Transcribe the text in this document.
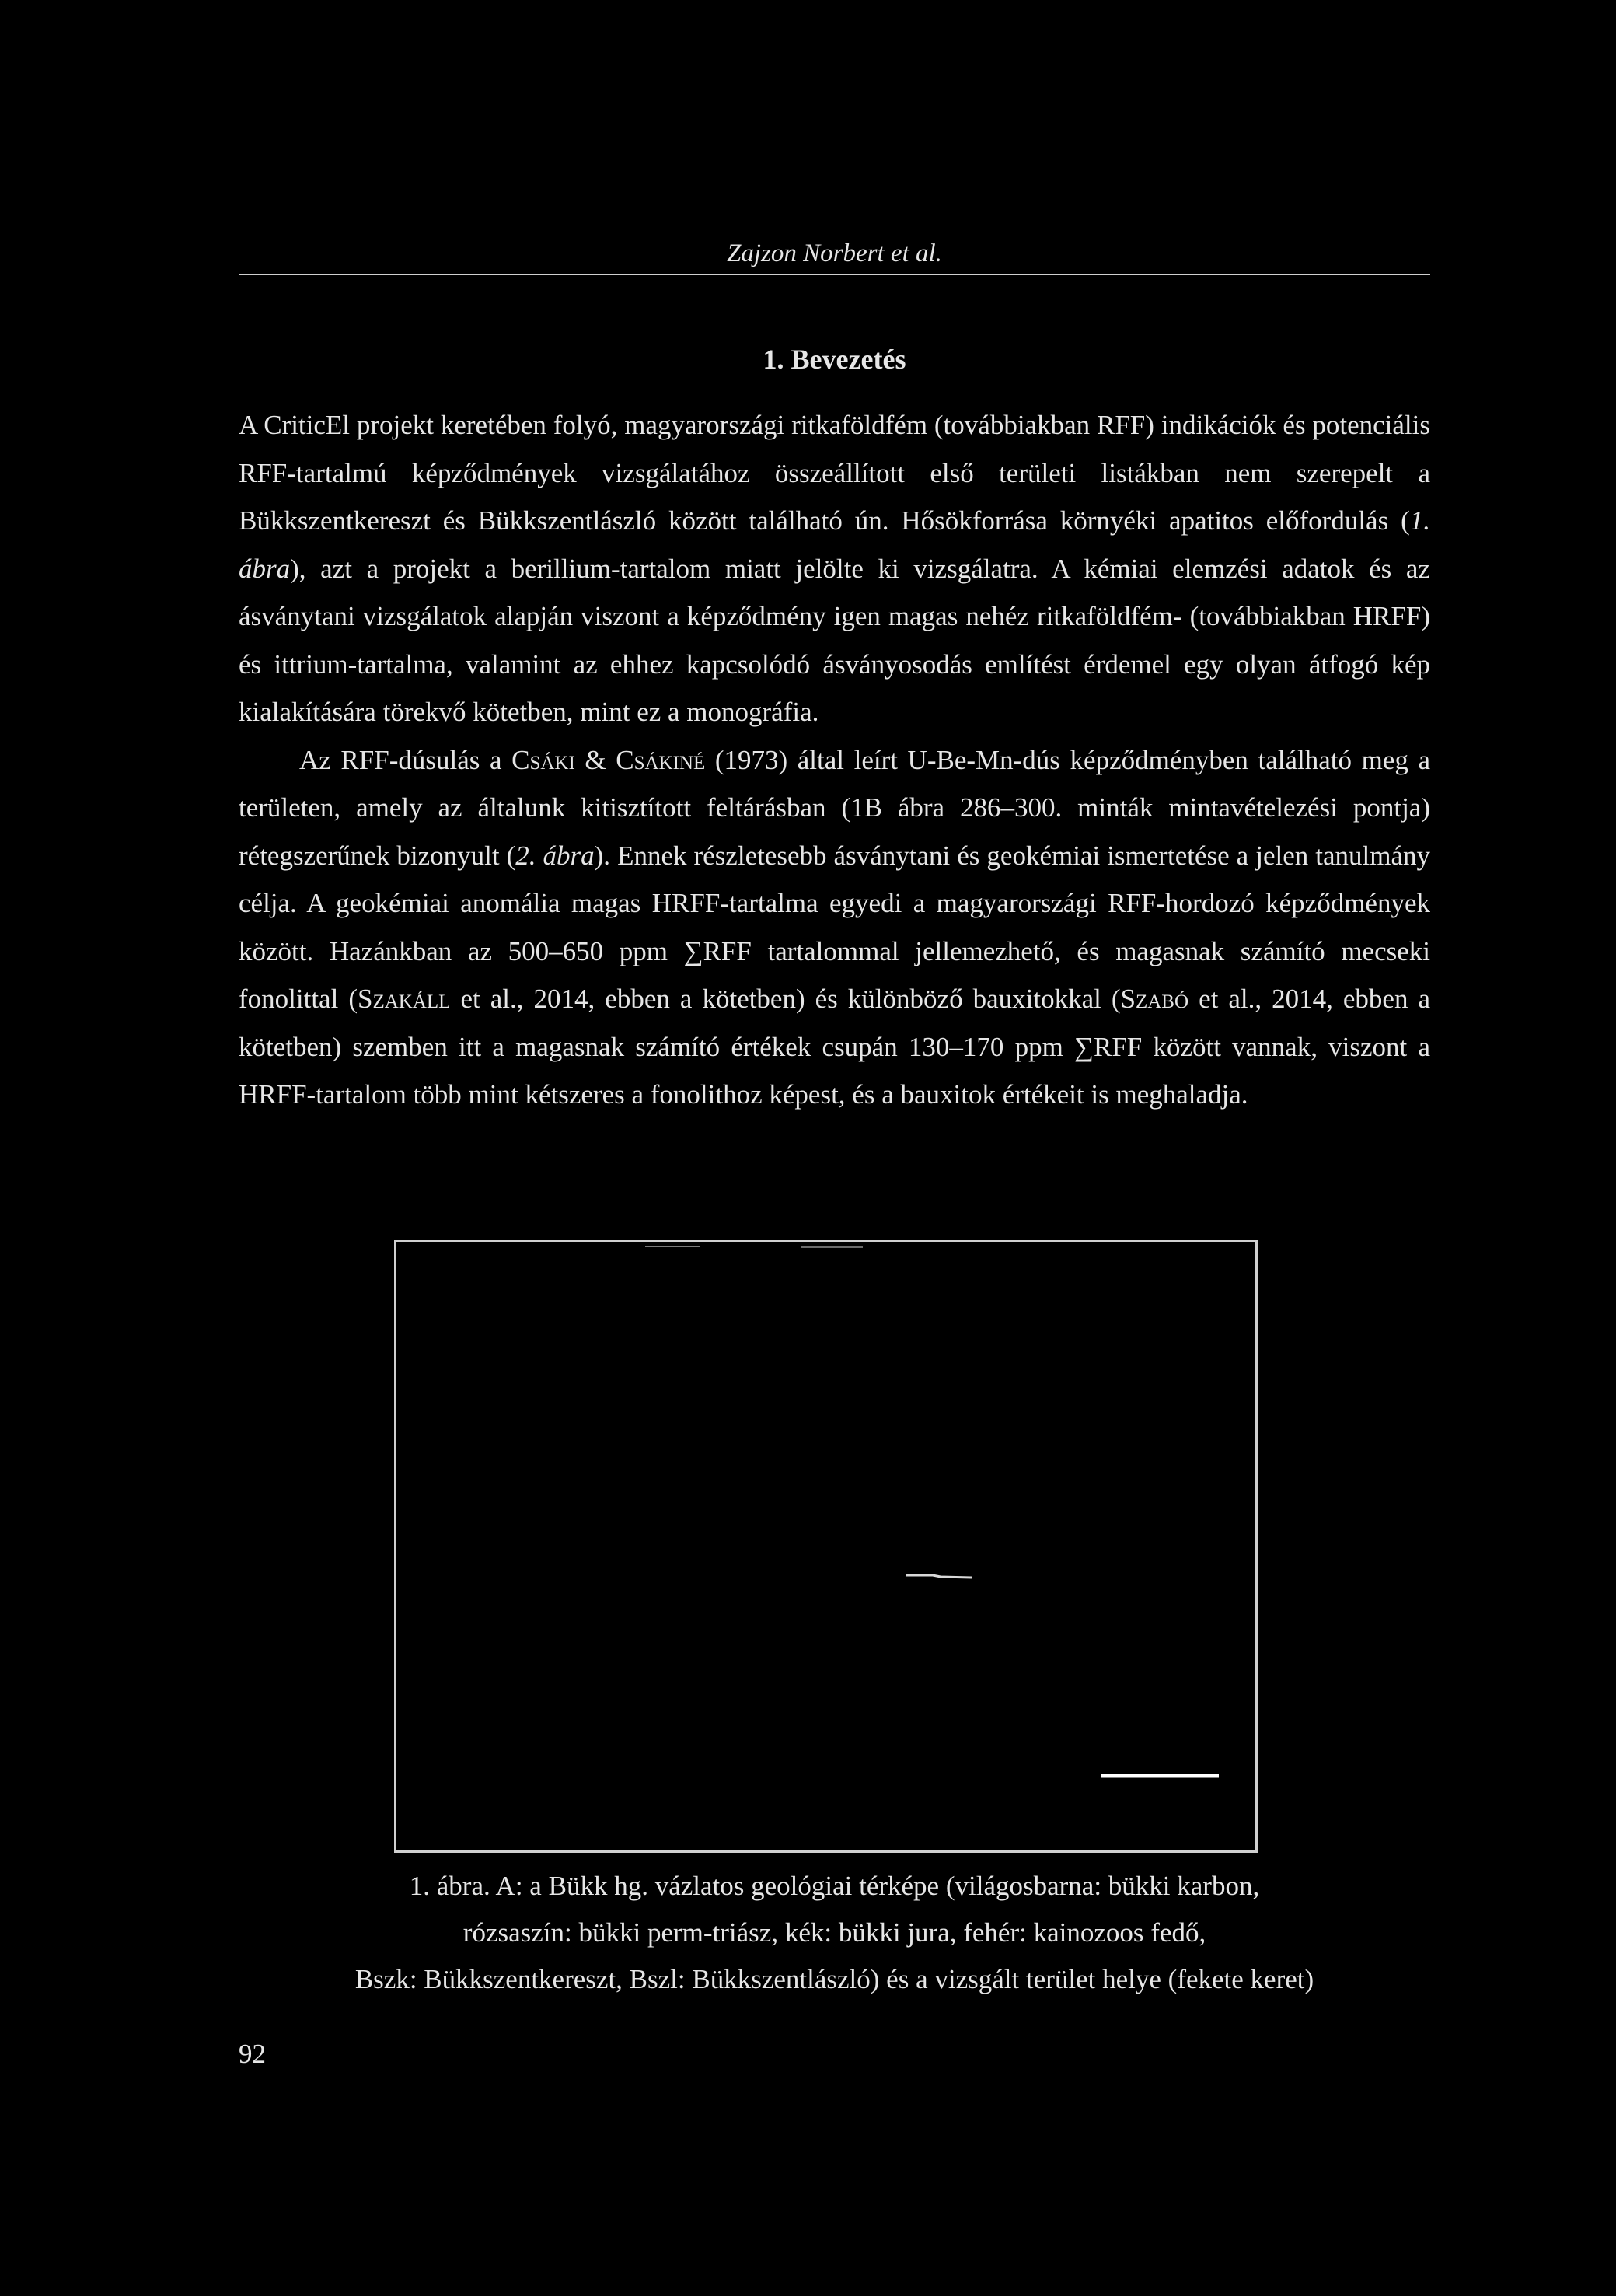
Zajzon Norbert et al.
1. Bevezetés

A CriticEl projekt keretében folyó, magyarországi ritkaföldfém (továbbiakban RFF) indikációk és potenciális RFF-tartalmú képződmények vizsgálatához összeállított első területi listákban nem szerepelt a Bükkszentkereszt és Bükkszentlászló között található ún. Hősökforrása környéki apatitos előfordulás (1. ábra), azt a projekt a berillium-tartalom miatt jelölte ki vizsgálatra. A kémiai elemzési adatok és az ásványtani vizsgálatok alapján viszont a képződmény igen magas nehéz ritkaföldfém- (továbbiakban HRFF) és ittrium-tartalma, valamint az ehhez kapcsolódó ásványosodás említést érdemel egy olyan átfogó kép kialakítására törekvő kötetben, mint ez a monográfia.

Az RFF-dúsulás a Csáki & Csákiné (1973) által leírt U-Be-Mn-dús képződményben található meg a területen, amely az általunk kitisztított feltárásban (1B ábra 286–300. minták mintavételezési pontja) rétegszerűnek bizonyult (2. ábra). Ennek részletesebb ásványtani és geokémiai ismertetése a jelen tanulmány célja. A geokémiai anomália magas HRFF-tartalma egyedi a magyarországi RFF-hordozó képződmények között. Hazánkban az 500–650 ppm ∑RFF tartalommal jellemezhető, és magasnak számító mecseki fonolittal (Szakáll et al., 2014, ebben a kötetben) és különböző bauxitokkal (Szabó et al., 2014, ebben a kötetben) szemben itt a magasnak számító értékek csupán 130–170 ppm ∑RFF között vannak, viszont a HRFF-tartalom több mint kétszeres a fonolithoz képest, és a bauxitok értékeit is meghaladja.

1. ábra. A: a Bükk hg. vázlatos geológiai térképe (világosbarna: bükki karbon,
rózsaszín: bükki perm-triász, kék: bükki jura, fehér: kainozoos fedő,
Bszk: Bükkszentkereszt, Bszl: Bükkszentlászló) és a vizsgált terület helye (fekete keret)
92
